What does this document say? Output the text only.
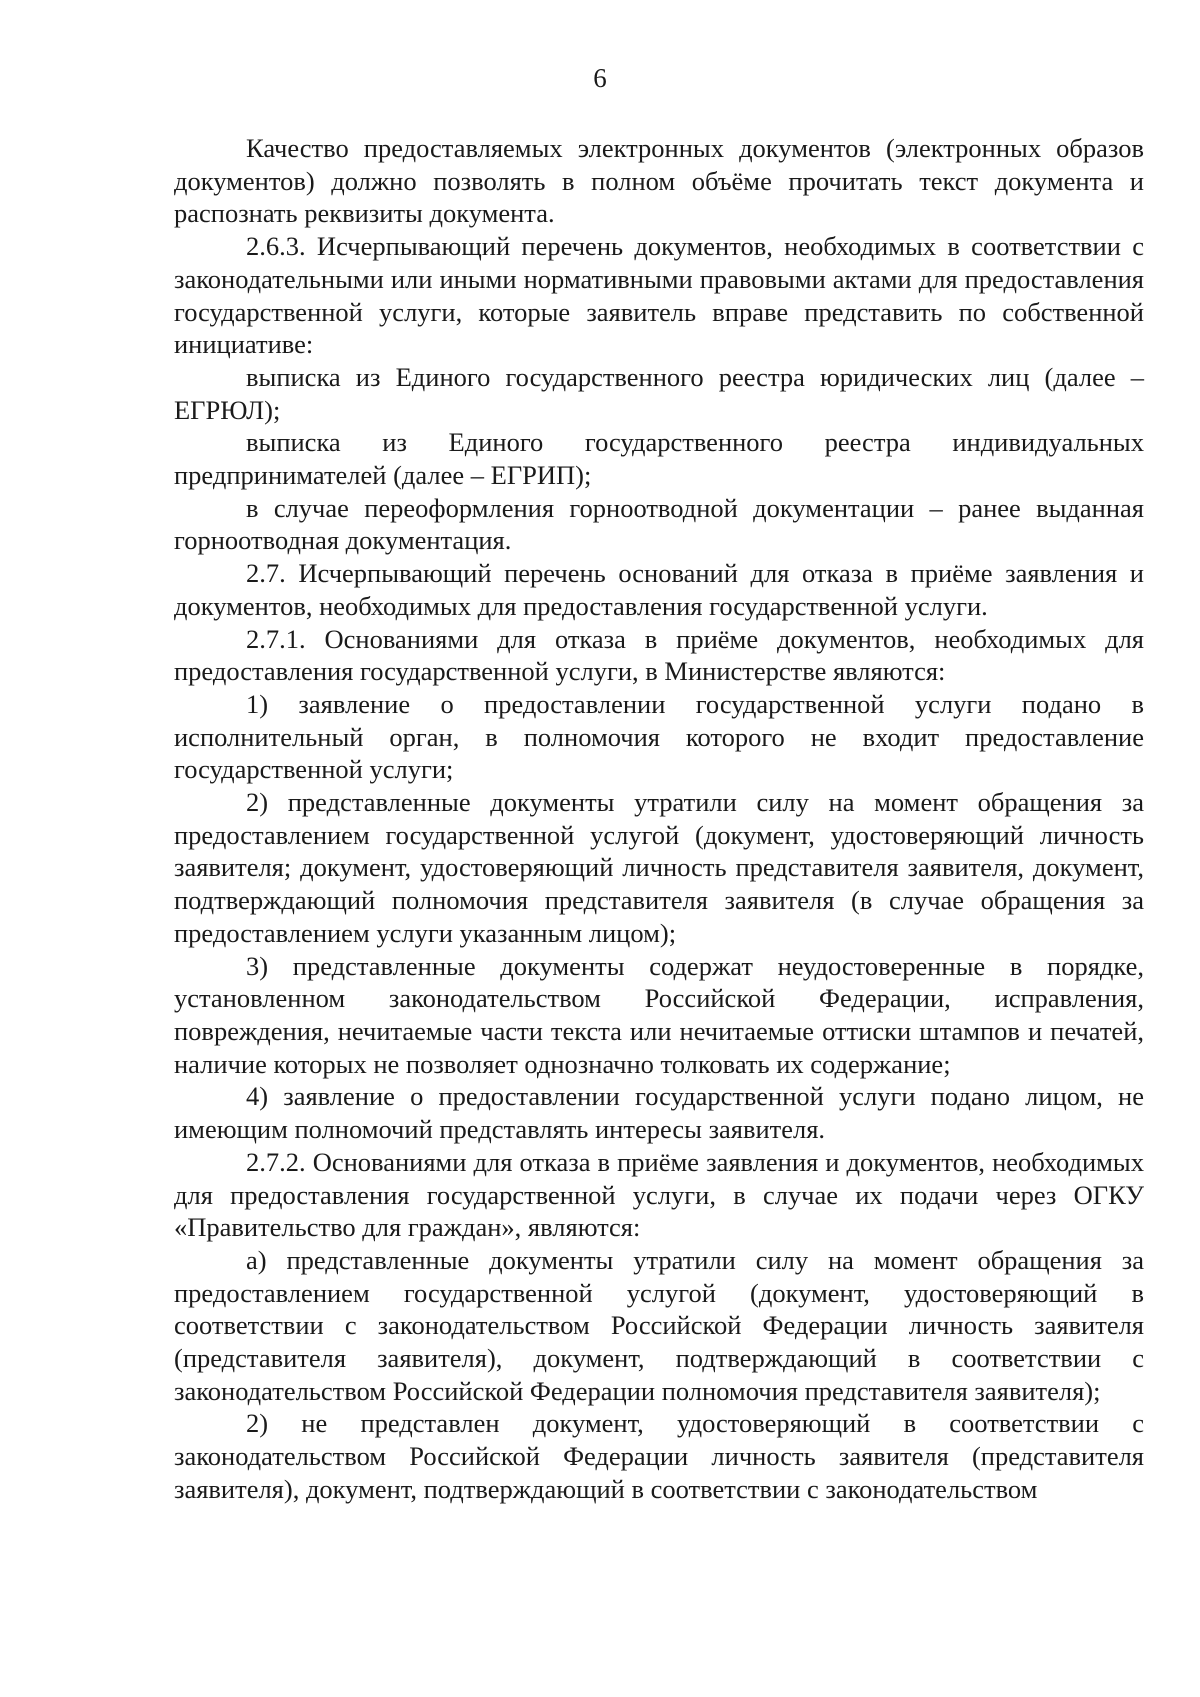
6

Качество предоставляемых электронных документов (электронных образов документов) должно позволять в полном объёме прочитать текст документа и распознать реквизиты документа.

2.6.3. Исчерпывающий перечень документов, необходимых в соответствии с законодательными или иными нормативными правовыми актами для предоставления государственной услуги, которые заявитель вправе представить по собственной инициативе:

выписка из Единого государственного реестра юридических лиц (далее – ЕГРЮЛ);

выписка из Единого государственного реестра индивидуальных предпринимателей (далее – ЕГРИП);

в случае переоформления горноотводной документации – ранее выданная горноотводная документация.

2.7. Исчерпывающий перечень оснований для отказа в приёме заявления и документов, необходимых для предоставления государственной услуги.

2.7.1. Основаниями для отказа в приёме документов, необходимых для предоставления государственной услуги, в Министерстве являются:

1) заявление о предоставлении государственной услуги подано в исполнительный орган, в полномочия которого не входит предоставление государственной услуги;

2) представленные документы утратили силу на момент обращения за предоставлением государственной услугой (документ, удостоверяющий личность заявителя; документ, удостоверяющий личность представителя заявителя, документ, подтверждающий полномочия представителя заявителя (в случае обращения за предоставлением услуги указанным лицом);

3) представленные документы содержат неудостоверенные в порядке, установленном законодательством Российской Федерации, исправления, повреждения, нечитаемые части текста или нечитаемые оттиски штампов и печатей, наличие которых не позволяет однозначно толковать их содержание;

4) заявление о предоставлении государственной услуги подано лицом, не имеющим полномочий представлять интересы заявителя.

2.7.2. Основаниями для отказа в приёме заявления и документов, необходимых для предоставления государственной услуги, в случае их подачи через ОГКУ «Правительство для граждан», являются:

а) представленные документы утратили силу на момент обращения за предоставлением государственной услугой (документ, удостоверяющий в соответствии с законодательством Российской Федерации личность заявителя (представителя заявителя), документ, подтверждающий в соответствии с законодательством Российской Федерации полномочия представителя заявителя);

2) не представлен документ, удостоверяющий в соответствии с законодательством Российской Федерации личность заявителя (представителя заявителя), документ, подтверждающий в соответствии с законодательством
